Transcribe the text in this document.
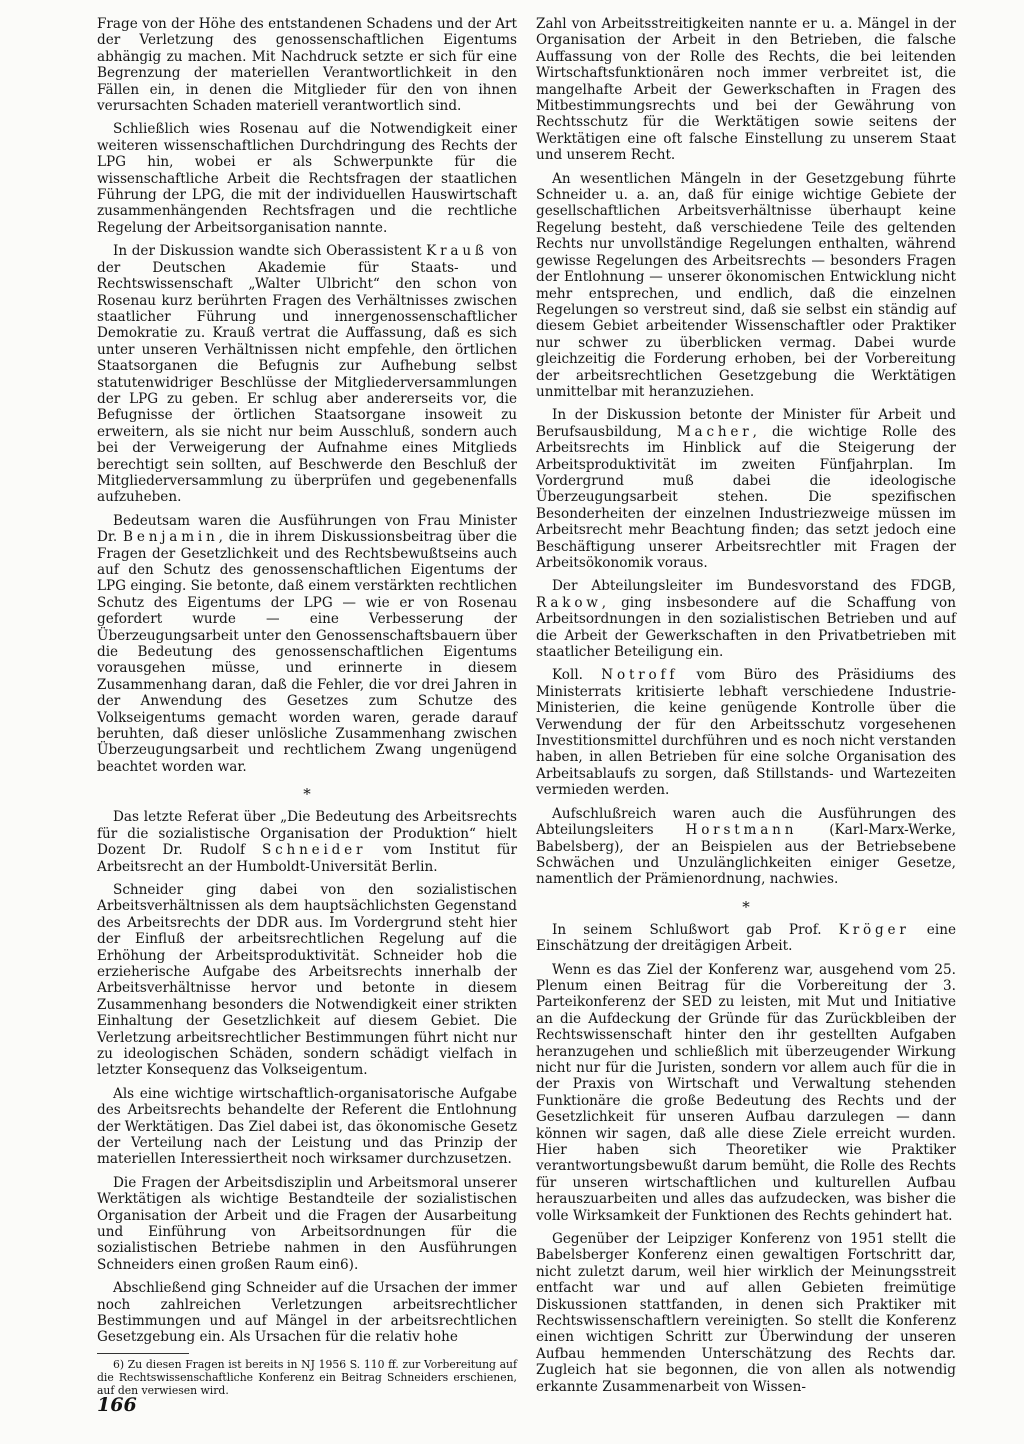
Frage von der Höhe des entstandenen Schadens und der Art der Verletzung des genossenschaftlichen Eigentums abhängig zu machen. Mit Nachdruck setzte er sich für eine Begrenzung der materiellen Verantwortlichkeit in den Fällen ein, in denen die Mitglieder für den von ihnen verursachten Schaden materiell verantwortlich sind.

Schließlich wies Rosenau auf die Notwendigkeit einer weiteren wissenschaftlichen Durchdringung des Rechts der LPG hin, wobei er als Schwerpunkte für die wissenschaftliche Arbeit die Rechtsfragen der staatlichen Führung der LPG, die mit der individuellen Hauswirtschaft zusammenhängenden Rechtsfragen und die rechtliche Regelung der Arbeitsorganisation nannte.

In der Diskussion wandte sich Oberassistent Krauß von der Deutschen Akademie für Staats- und Rechtswissenschaft „Walter Ulbricht“ den schon von Rosenau kurz berührten Fragen des Verhältnisses zwischen staatlicher Führung und innergenossenschaftlicher Demokratie zu. Krauß vertrat die Auffassung, daß es sich unter unseren Verhältnissen nicht empfehle, den örtlichen Staatsorganen die Befugnis zur Aufhebung selbst statutenwidriger Beschlüsse der Mitgliederversammlungen der LPG zu geben. Er schlug aber andererseits vor, die Befugnisse der örtlichen Staatsorgane insoweit zu erweitern, als sie nicht nur beim Ausschluß, sondern auch bei der Verweigerung der Aufnahme eines Mitglieds berechtigt sein sollten, auf Beschwerde den Beschluß der Mitgliederversammlung zu überprüfen und gegebenenfalls aufzuheben.

Bedeutsam waren die Ausführungen von Frau Minister Dr. Benjamin, die in ihrem Diskussionsbeitrag über die Fragen der Gesetzlichkeit und des Rechtsbewußtseins auch auf den Schutz des genossenschaftlichen Eigentums der LPG einging. Sie betonte, daß einem verstärkten rechtlichen Schutz des Eigentums der LPG — wie er von Rosenau gefordert wurde — eine Verbesserung der Überzeugungsarbeit unter den Genossenschaftsbauern über die Bedeutung des genossenschaftlichen Eigentums vorausgehen müsse, und erinnerte in diesem Zusammenhang daran, daß die Fehler, die vor drei Jahren in der Anwendung des Gesetzes zum Schutze des Volkseigentums gemacht worden waren, gerade darauf beruhten, daß dieser unlösliche Zusammenhang zwischen Überzeugungsarbeit und rechtlichem Zwang ungenügend beachtet worden war.

*

Das letzte Referat über „Die Bedeutung des Arbeitsrechts für die sozialistische Organisation der Produktion“ hielt Dozent Dr. Rudolf Schneider vom Institut für Arbeitsrecht an der Humboldt-Universität Berlin.

Schneider ging dabei von den sozialistischen Arbeitsverhältnissen als dem hauptsächlichsten Gegenstand des Arbeitsrechts der DDR aus. Im Vordergrund steht hier der Einfluß der arbeitsrechtlichen Regelung auf die Erhöhung der Arbeitsproduktivität. Schneider hob die erzieherische Aufgabe des Arbeitsrechts innerhalb der Arbeitsverhältnisse hervor und betonte in diesem Zusammenhang besonders die Notwendigkeit einer strikten Einhaltung der Gesetzlichkeit auf diesem Gebiet. Die Verletzung arbeitsrechtlicher Bestimmungen führt nicht nur zu ideologischen Schäden, sondern schädigt vielfach in letzter Konsequenz das Volkseigentum.

Als eine wichtige wirtschaftlich-organisatorische Aufgabe des Arbeitsrechts behandelte der Referent die Entlohnung der Werktätigen. Das Ziel dabei ist, das ökonomische Gesetz der Verteilung nach der Leistung und das Prinzip der materiellen Interessiertheit noch wirksamer durchzusetzen.

Die Fragen der Arbeitsdisziplin und Arbeitsmoral unserer Werktätigen als wichtige Bestandteile der sozialistischen Organisation der Arbeit und die Fragen der Ausarbeitung und Einführung von Arbeitsordnungen für die sozialistischen Betriebe nahmen in den Ausführungen Schneiders einen großen Raum ein6).

Abschließend ging Schneider auf die Ursachen der immer noch zahlreichen Verletzungen arbeitsrechtlicher Bestimmungen und auf Mängel in der arbeitsrechtlichen Gesetzgebung ein. Als Ursachen für die relativ hohe

6) Zu diesen Fragen ist bereits in NJ 1956 S. 110 ff. zur Vorbereitung auf die Rechtswissenschaftliche Konferenz ein Beitrag Schneiders erschienen, auf den verwiesen wird.

Zahl von Arbeitsstreitigkeiten nannte er u. a. Mängel in der Organisation der Arbeit in den Betrieben, die falsche Auffassung von der Rolle des Rechts, die bei leitenden Wirtschaftsfunktionären noch immer verbreitet ist, die mangelhafte Arbeit der Gewerkschaften in Fragen des Mitbestimmungsrechts und bei der Gewährung von Rechtsschutz für die Werktätigen sowie seitens der Werktätigen eine oft falsche Einstellung zu unserem Staat und unserem Recht.

An wesentlichen Mängeln in der Gesetzgebung führte Schneider u. a. an, daß für einige wichtige Gebiete der gesellschaftlichen Arbeitsverhältnisse überhaupt keine Regelung besteht, daß verschiedene Teile des geltenden Rechts nur unvollständige Regelungen enthalten, während gewisse Regelungen des Arbeitsrechts — besonders Fragen der Entlohnung — unserer ökonomischen Entwicklung nicht mehr entsprechen, und endlich, daß die einzelnen Regelungen so verstreut sind, daß sie selbst ein ständig auf diesem Gebiet arbeitender Wissenschaftler oder Praktiker nur schwer zu überblicken vermag. Dabei wurde gleichzeitig die Forderung erhoben, bei der Vorbereitung der arbeitsrechtlichen Gesetzgebung die Werktätigen unmittelbar mit heranzuziehen.

In der Diskussion betonte der Minister für Arbeit und Berufsausbildung, Macher, die wichtige Rolle des Arbeitsrechts im Hinblick auf die Steigerung der Arbeitsproduktivität im zweiten Fünfjahrplan. Im Vordergrund muß dabei die ideologische Überzeugungsarbeit stehen. Die spezifischen Besonderheiten der einzelnen Industriezweige müssen im Arbeitsrecht mehr Beachtung finden; das setzt jedoch eine Beschäftigung unserer Arbeitsrechtler mit Fragen der Arbeitsökonomik voraus.

Der Abteilungsleiter im Bundesvorstand des FDGB, Rakow, ging insbesondere auf die Schaffung von Arbeitsordnungen in den sozialistischen Betrieben und auf die Arbeit der Gewerkschaften in den Privatbetrieben mit staatlicher Beteiligung ein.

Koll. Notroff vom Büro des Präsidiums des Ministerrats kritisierte lebhaft verschiedene Industrie-Ministerien, die keine genügende Kontrolle über die Verwendung der für den Arbeitsschutz vorgesehenen Investitionsmittel durchführen und es noch nicht verstanden haben, in allen Betrieben für eine solche Organisation des Arbeitsablaufs zu sorgen, daß Stillstands- und Wartezeiten vermieden werden.

Aufschlußreich waren auch die Ausführungen des Abteilungsleiters Horstmann (Karl-Marx-Werke, Babelsberg), der an Beispielen aus der Betriebsebene Schwächen und Unzulänglichkeiten einiger Gesetze, namentlich der Prämienordnung, nachwies.

*

In seinem Schlußwort gab Prof. Kröger eine Einschätzung der dreitägigen Arbeit.

Wenn es das Ziel der Konferenz war, ausgehend vom 25. Plenum einen Beitrag für die Vorbereitung der 3. Parteikonferenz der SED zu leisten, mit Mut und Initiative an die Aufdeckung der Gründe für das Zurückbleiben der Rechtswissenschaft hinter den ihr gestellten Aufgaben heranzugehen und schließlich mit überzeugender Wirkung nicht nur für die Juristen, sondern vor allem auch für die in der Praxis von Wirtschaft und Verwaltung stehenden Funktionäre die große Bedeutung des Rechts und der Gesetzlichkeit für unseren Aufbau darzulegen — dann können wir sagen, daß alle diese Ziele erreicht wurden. Hier haben sich Theoretiker wie Praktiker verantwortungsbewußt darum bemüht, die Rolle des Rechts für unseren wirtschaftlichen und kulturellen Aufbau herauszuarbeiten und alles das aufzudecken, was bisher die volle Wirksamkeit der Funktionen des Rechts gehindert hat.

Gegenüber der Leipziger Konferenz von 1951 stellt die Babelsberger Konferenz einen gewaltigen Fortschritt dar, nicht zuletzt darum, weil hier wirklich der Meinungsstreit entfacht war und auf allen Gebieten freimütige Diskussionen stattfanden, in denen sich Praktiker mit Rechtswissenschaftlern vereinigten. So stellt die Konferenz einen wichtigen Schritt zur Überwindung der unseren Aufbau hemmenden Unterschätzung des Rechts dar. Zugleich hat sie begonnen, die von allen als notwendig erkannte Zusammenarbeit von Wissen-

166
